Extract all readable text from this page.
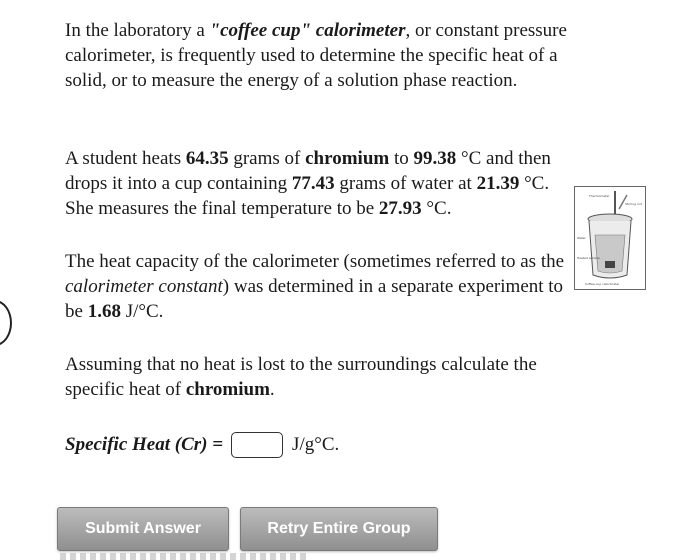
In the laboratory a "coffee cup" calorimeter, or constant pressure calorimeter, is frequently used to determine the specific heat of a solid, or to measure the energy of a solution phase reaction.

A student heats 64.35 grams of chromium to 99.38 °C and then drops it into a cup containing 77.43 grams of water at 21.39 °C. She measures the final temperature to be 27.93 °C.

The heat capacity of the calorimeter (sometimes referred to as the calorimeter constant) was determined in a separate experiment to be 1.68 J/°C.

Assuming that no heat is lost to the surroundings calculate the specific heat of chromium.

Specific Heat (Cr) =	J/g°C.
Submit Answer	Retry Entire Group
Thermometer
Stirring rod
Water
Heated sample
Coffee-cup calorimeter
